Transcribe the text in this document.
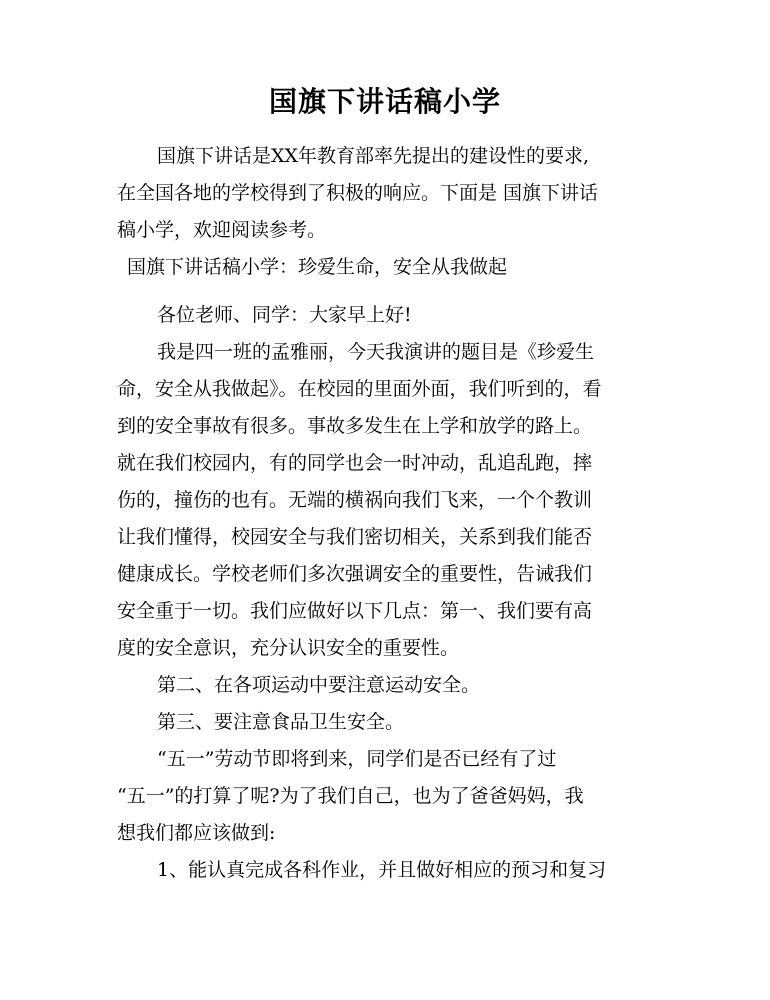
国旗下讲话稿小学
国旗下讲话是XX年教育部率先提出的建设性的要求,
在全国各地的学校得到了积极的响应。下面是 国旗下讲话
稿小学，欢迎阅读参考。
国旗下讲话稿小学：珍爱生命，安全从我做起
各位老师、同学：大家早上好!
我是四一班的孟雅丽，今天我演讲的题目是《珍爱生
命，安全从我做起》。在校园的里面外面，我们听到的，看
到的安全事故有很多。事故多发生在上学和放学的路上。
就在我们校园内，有的同学也会一时冲动，乱追乱跑，摔
伤的，撞伤的也有。无端的横祸向我们飞来，一个个教训
让我们懂得，校园安全与我们密切相关，关系到我们能否
健康成长。学校老师们多次强调安全的重要性，告诫我们
安全重于一切。我们应做好以下几点：第一、我们要有高
度的安全意识，充分认识安全的重要性。
第二、在各项运动中要注意运动安全。
第三、要注意食品卫生安全。
“五一”劳动节即将到来，同学们是否已经有了过
“五一”的打算了呢?为了我们自己，也为了爸爸妈妈，我
想我们都应该做到:
1、能认真完成各科作业，并且做好相应的预习和复习
